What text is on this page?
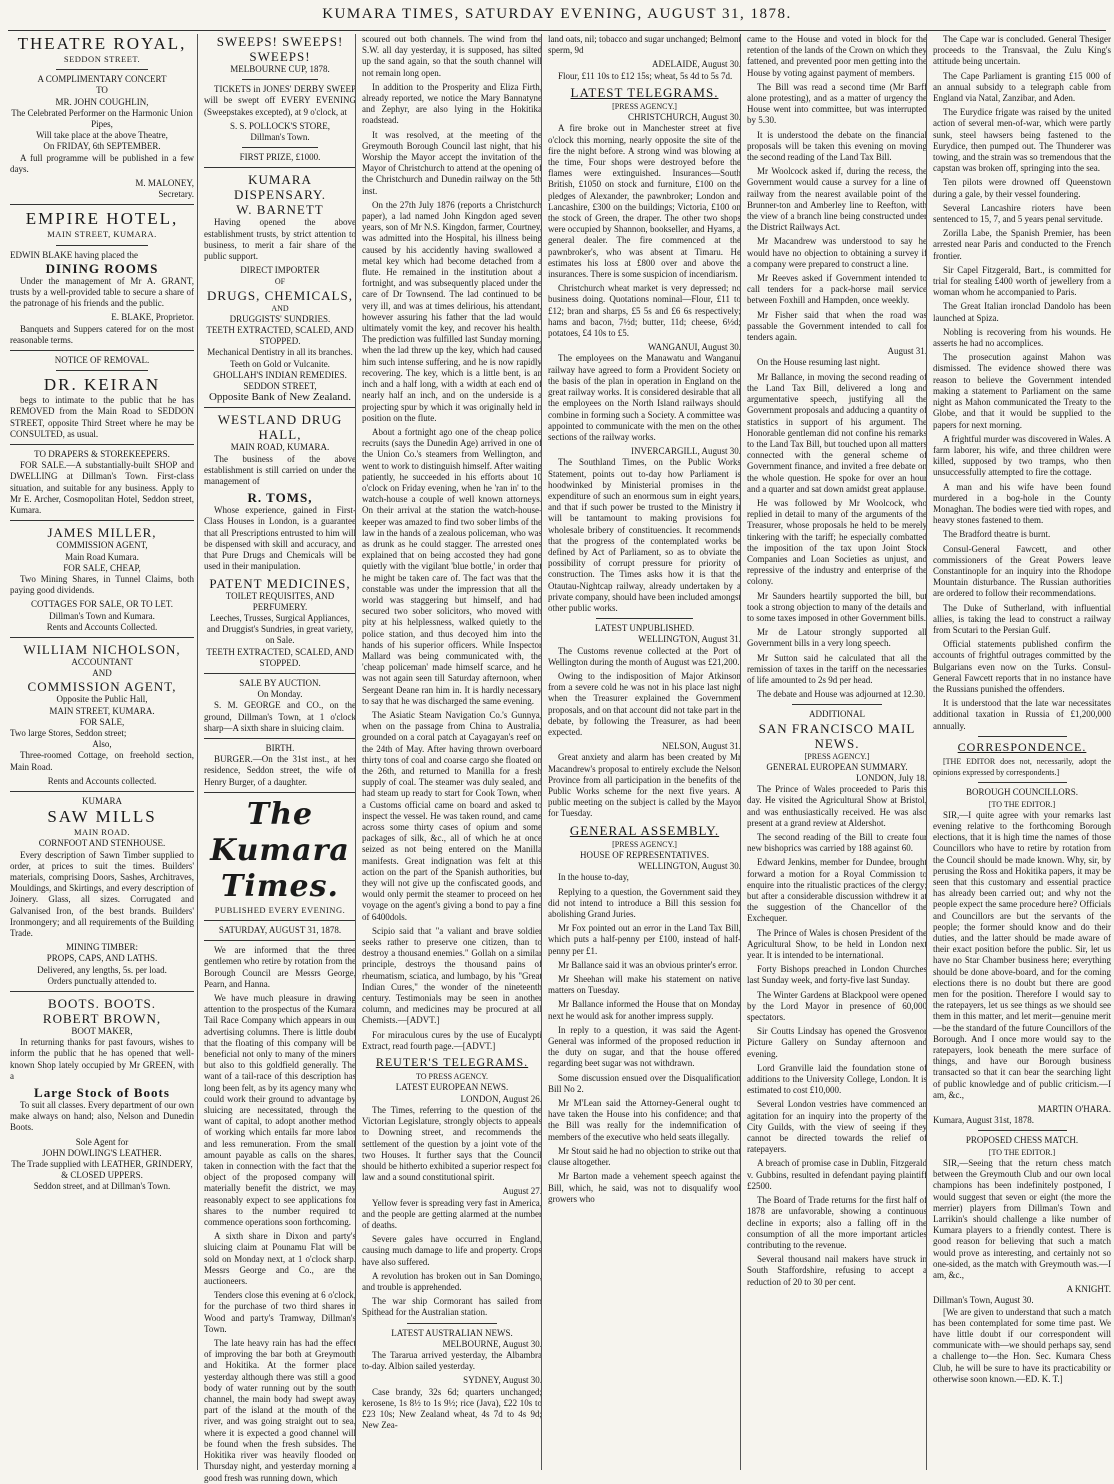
KUMARA TIMES, SATURDAY EVENING, AUGUST 31, 1878.
THEATRE ROYAL,
SEDDON STREET.
A COMPLIMENTARY CONCERT
TO
MR. JOHN COUGHLIN,
The Celebrated Performer on the Harmonic Union Pipes,
Will take place at the above Theatre,
On FRIDAY, 6th SEPTEMBER.

A full programme will be published in a few days.

M. MALONEY,
Secretary.
EMPIRE HOTEL,
MAIN STREET, KUMARA.
EDWIN BLAKE having placed the
DINING ROOMS

Under the management of Mr A. GRANT, trusts by a well-provided table to secure a share of the patronage of his friends and the public.

E. BLAKE, Proprietor.

Banquets and Suppers catered for on the most reasonable terms.

NOTICE OF REMOVAL.
DR. KEIRAN

begs to intimate to the public that he has REMOVED from the Main Road to SEDDON STREET, opposite Third Street where he may be CONSULTED, as usual.

TO DRAPERS & STOREKEEPERS.

FOR SALE.—A substantially-built SHOP and DWELLING at Dillman's Town. First-class situation, and suitable for any business. Apply to Mr E. Archer, Cosmopolitan Hotel, Seddon street, Kumara.

JAMES MILLER,
COMMISSION AGENT,
Main Road Kumara.
FOR SALE, CHEAP,

Two Mining Shares, in Tunnel Claims, both paying good dividends.

COTTAGES FOR SALE, OR TO LET.
Dillman's Town and Kumara.
Rents and Accounts Collected.
WILLIAM NICHOLSON,
ACCOUNTANT
AND
COMMISSION AGENT,
Opposite the Public Hall,
MAIN STREET, KUMARA.
FOR SALE,
Two large Stores, Seddon street;
Also,

Three-roomed Cottage, on freehold section, Main Road.

Rents and Accounts collected.
KUMARA
SAW MILLS
MAIN ROAD.
CORNFOOT AND STENHOUSE.

Every description of Sawn Timber supplied to order, at prices to suit the times. Builders' materials, comprising Doors, Sashes, Architraves, Mouldings, and Skirtings, and every description of Joinery. Glass, all sizes. Corrugated and Galvanised Iron, of the best brands. Builders' Ironmongery; and all requirements of the Building Trade.

MINING TIMBER:
PROPS, CAPS, AND LATHS.
Delivered, any lengths, 5s. per load.
Orders punctually attended to.
BOOTS. BOOTS.
ROBERT BROWN,
BOOT MAKER,

In returning thanks for past favours, wishes to inform the public that he has opened that well-known Shop lately occupied by Mr GREEN, with a

Large Stock of Boots

To suit all classes. Every department of our own make always on hand; also, Nelson and Dunedin Boots.

Sole Agent for
JOHN DOWLING'S LEATHER.
The Trade supplied with LEATHER, GRINDERY, & CLOSED UPPERS.
Seddon street, and at Dillman's Town.
SWEEPS! SWEEPS! SWEEPS!
MELBOURNE CUP, 1878.

TICKETS in JONES' DERBY SWEEP will be swept off EVERY EVENING (Sweepstakes excepted), at 9 o'clock, at

S. S. POLLOCK'S STORE,
Dillman's Town.
FIRST PRIZE, £1000.
KUMARA DISPENSARY.
W. BARNETT

Having opened the above establishment trusts, by strict attention to business, to merit a fair share of the public support.

DIRECT IMPORTER
OF
DRUGS, CHEMICALS,
AND
DRUGGISTS' SUNDRIES.
TEETH EXTRACTED, SCALED, AND STOPPED.
Mechanical Dentistry in all its branches. Teeth on Gold or Vulcanite.
GHOLLAH'S INDIAN REMEDIES.
SEDDON STREET,
Opposite Bank of New Zealand.
WESTLAND DRUG HALL,
MAIN ROAD, KUMARA.

The business of the above establishment is still carried on under the management of

R. TOMS,

Whose experience, gained in First-Class Houses in London, is a guarantee that all Prescriptions entrusted to him will be dispensed with skill and accuracy, and that Pure Drugs and Chemicals will be used in their manipulation.

PATENT MEDICINES,
TOILET REQUISITES, AND PERFUMERY.
Leeches, Trusses, Surgical Appliances, and Druggist's Sundries, in great variety, on Sale.
TEETH EXTRACTED, SCALED, AND STOPPED.
SALE BY AUCTION.
On Monday.

S. M. GEORGE and CO., on the ground, Dillman's Town, at 1 o'clock sharp—A sixth share in sluicing claim.

BIRTH.

BURGER.—On the 31st inst., at her residence, Seddon street, the wife of Henry Burger, of a daughter.

The Kumara Times.
PUBLISHED EVERY EVENING.
SATURDAY, AUGUST 31, 1878.

We are informed that the three gentlemen who retire by rotation from the Borough Council are Messrs George, Pearn, and Hanna.

We have much pleasure in drawing attention to the prospectus of the Kumara Tail Race Company which appears in our advertising columns. There is little doubt that the floating of this company will be beneficial not only to many of the miners but also to this goldfield generally. The want of a tail-race of this description has long been felt, as by its agency many who could work their ground to advantage by sluicing are necessitated, through the want of capital, to adopt another method of working which entails far more labor and less remuneration. From the small amount payable as calls on the shares, taken in connection with the fact that the object of the proposed company will materially benefit the district, we may reasonably expect to see applications for shares to the number required to commence operations soon forthcoming.

A sixth share in Dixon and party's sluicing claim at Pounamu Flat will be sold on Monday next, at 1 o'clock sharp. Messrs George and Co., are the auctioneers.

Tenders close this evening at 6 o'clock, for the purchase of two third shares in Wood and party's Tramway, Dillman's Town.

The late heavy rain has had the effect of improving the bar both at Greymouth and Hokitika. At the former place yesterday although there was still a good body of water running out by the south channel, the main body had swept away part of the island at the mouth of the river, and was going straight out to sea, where it is expected a good channel will be found when the fresh subsides. The Hokitika river was heavily flooded on Thursday night, and yesterday morning a good fresh was running down, which

scoured out both channels. The wind from the S.W. all day yesterday, it is supposed, has silted up the sand again, so that the south channel will not remain long open.

In addition to the Prosperity and Eliza Firth, already reported, we notice the Mary Bannatyne and Zephyr, are also lying in the Hokitika roadstead.

It was resolved, at the meeting of the Greymouth Borough Council last night, that his Worship the Mayor accept the invitation of the Mayor of Christchurch to attend at the opening of the Christchurch and Dunedin railway on the 5th inst.

On the 27th July 1876 (reports a Christchurch paper), a lad named John Kingdon aged seven years, son of Mr N.S. Kingdon, farmer, Courtney, was admitted into the Hospital, his illness being caused by his accidently having swallowed a metal key which had become detached from a flute. He remained in the institution about a fortnight, and was subsequently placed under the care of Dr Townsend. The lad continued to be very ill, and was at times delirious, his attendant, however assuring his father that the lad would ultimately vomit the key, and recover his health. The prediction was fulfilled last Sunday morning, when the lad threw up the key, which had caused him such intense suffering, and he is now rapidly recovering. The key, which is a little bent, is an inch and a half long, with a width at each end of nearly half an inch, and on the underside is a projecting spur by which it was originally held in position on the flute.

About a fortnight ago one of the cheap police recruits (says the Dunedin Age) arrived in one of the Union Co.'s steamers from Wellington, and went to work to distinguish himself. After waiting patiently, he succeeded in his efforts about 10 o'clock on Friday evening, when he 'ran in' to the watch-house a couple of well known attorneys. On their arrival at the station the watch-house-keeper was amazed to find two sober limbs of the law in the hands of a zealous policeman, who was as drunk as he could stagger. The arrested ones explained that on being accosted they had gone quietly with the vigilant 'blue bottle,' in order that he might be taken care of. The fact was that the constable was under the impression that all the world was staggering but himself, and had secured two sober solicitors, who moved with pity at his helplessness, walked quietly to the police station, and thus decoyed him into the hands of his superior officers. While Inspector Mallard was being communicated with, the 'cheap policeman' made himself scarce, and he was not again seen till Saturday afternoon, when Sergeant Deane ran him in. It is hardly necessary to say that he was discharged the same evening.

The Asiatic Steam Navigation Co.'s Gunnya, when on the passage from China to Australia, grounded on a coral patch at Cayagayan's reef on the 24th of May. After having thrown overboard thirty tons of coal and coarse cargo she floated on the 26th, and returned to Manilla for a fresh supply of coal. The steamer was duly sealed, and had steam up ready to start for Cook Town, when a Customs official came on board and asked to inspect the vessel. He was taken round, and came across some thirty cases of opium and some packages of silk, &c., all of which he at once seized as not being entered on the Manilla manifests. Great indignation was felt at this action on the part of the Spanish authorities, but they will not give up the confiscated goods, and would only permit the steamer to proceed on her voyage on the agent's giving a bond to pay a fine of 6400dols.

Scipio said that "a valiant and brave soldier seeks rather to preserve one citizen, than to destroy a thousand enemies." Gollah on a similar principle, destroys the thousand pains of rheumatism, sciatica, and lumbago, by his "Great Indian Cures," the wonder of the nineteenth century. Testimonials may be seen in another column, and medicines may be procured at all Chemists.—[ADVT.]

For miraculous cures by the use of Eucalypti Extract, read fourth page.—[ADVT.]

REUTER'S TELEGRAMS.
TO PRESS AGENCY.
LATEST EUROPEAN NEWS.
LONDON, August 26.

The Times, referring to the question of the Victorian Legislature, strongly objects to appeals to Downing street, and recommends the settlement of the question by a joint vote of the two Houses. It further says that the Council should be hitherto exhibited a superior respect for law and a sound constitutional spirit.

August 27.

Yellow fever is spreading very fast in America, and the people are getting alarmed at the number of deaths.

Severe gales have occurred in England, causing much damage to life and property. Crops have also suffered.

A revolution has broken out in San Domingo, and trouble is apprehended.

The war ship Cormorant has sailed from Spithead for the Australian station.

LATEST AUSTRALIAN NEWS.
MELBOURNE, August 30.

The Tararua arrived yesterday, the Albambra to-day. Albion sailed yesterday.

SYDNEY, August 30.

Case brandy, 32s 6d; quarters unchanged; kerosene, 1s 8½ to 1s 9½; rice (Java), £22 10s to £23 10s; New Zealand wheat, 4s 7d to 4s 9d; New Zea-

land oats, nil; tobacco and sugar unchanged; Belmont sperm, 9d

ADELAIDE, August 30.

Flour, £11 10s to £12 15s; wheat, 5s 4d to 5s 7d.

LATEST TELEGRAMS.
[PRESS AGENCY.]
CHRISTCHURCH, August 30.

A fire broke out in Manchester street at five o'clock this morning, nearly opposite the site of the fire the night before. A strong wind was blowing at the time, Four shops were destroyed before the flames were extinguished. Insurances—South British, £1050 on stock and furniture, £100 on the pledges of Alexander, the pawnbroker; London and Lancashire, £300 on the buildings; Victoria, £100 on the stock of Green, the draper. The other two shops were occupied by Shannon, bookseller, and Hyams, a general dealer. The fire commenced at the pawnbroker's, who was absent at Timaru. He estimates his loss at £800 over and above the insurances. There is some suspicion of incendiarism.

Christchurch wheat market is very depressed; no business doing. Quotations nominal—Flour, £11 to £12; bran and sharps, £5 5s and £6 6s respectively; hams and bacon, 7½d; butter, 11d; cheese, 6½d; potatoes, £4 10s to £5.

WANGANUI, August 30.

The employees on the Manawatu and Wanganui railway have agreed to form a Provident Society on the basis of the plan in operation in England on the great railway works. It is considered desirable that all the employees on the North Island railways should combine in forming such a Society. A committee was appointed to communicate with the men on the other sections of the railway works.

INVERCARGILL, August 30.

The Southland Times, on the Public Works Statement, points out to-day how Parliament is hoodwinked by Ministerial promises in the expenditure of such an enormous sum in eight years, and that if such power be trusted to the Ministry it will be tantamount to making provisions for wholesale bribery of constituencies. It recommends that the progress of the contemplated works be defined by Act of Parliament, so as to obviate the possibility of corrupt pressure for priority of construction. The Times asks how it is that the Otautau-Nightcap railway, already undertaken by a private company, should have been included amongst other public works.

LATEST UNPUBLISHED.
WELLINGTON, August 31.

The Customs revenue collected at the Port of Wellington during the month of August was £21,200.

Owing to the indisposition of Major Atkinson from a severe cold he was not in his place last night when the Treasurer explained the Government proposals, and on that account did not take part in the debate, by following the Treasurer, as had been expected.

NELSON, August 31.

Great anxiety and alarm has been created by Mr Macandrew's proposal to entirely exclude the Nelson Province from all participation in the benefits of the Public Works scheme for the next five years. A public meeting on the subject is called by the Mayor for Tuesday.

GENERAL ASSEMBLY.
[PRESS AGENCY.]
HOUSE OF REPRESENTATIVES.
WELLINGTON, August 30.

In the house to-day,

Replying to a question, the Government said they did not intend to introduce a Bill this session for abolishing Grand Juries.

Mr Fox pointed out an error in the Land Tax Bill, which puts a half-penny per £100, instead of half-penny per £1.

Mr Ballance said it was an obvious printer's error.

Mr Sheehan will make his statement on native matters on Tuesday.

Mr Ballance informed the House that on Monday next he would ask for another impress supply.

In reply to a question, it was said the Agent-General was informed of the proposed reduction in the duty on sugar, and that the house offered regarding beet sugar was not withdrawn.

Some discussion ensued over the Disqualification Bill No 2.

Mr M'Lean said the Attorney-General ought to have taken the House into his confidence; and that the Bill was really for the indemnification of members of the executive who held seats illegally.

Mr Stout said he had no objection to strike out that clause altogether.

Mr Barton made a vehement speech against the Bill, which, he said, was not to disqualify wool growers who

came to the House and voted in block for the retention of the lands of the Crown on which they fattened, and prevented poor men getting into the House by voting against payment of members.

The Bill was read a second time (Mr Barff alone protesting), and as a matter of urgency the House went into committee, but was interrupted by 5.30.

It is understood the debate on the financial proposals will be taken this evening on moving the second reading of the Land Tax Bill.

Mr Woolcock asked if, during the recess, the Government would cause a survey for a line of railway from the nearest available point of the Brunner-ton and Amberley line to Reefton, with the view of a branch line being constructed under the District Railways Act.

Mr Macandrew was understood to say he would have no objection to obtaining a survey if a company were prepared to construct a line.

Mr Reeves asked if Government intended to call tenders for a pack-horse mail service between Foxhill and Hampden, once weekly.

Mr Fisher said that when the road was passable the Government intended to call for tenders again.

August 31.

On the House resuming last night.

Mr Ballance, in moving the second reading of the Land Tax Bill, delivered a long and argumentative speech, justifying all the Government proposals and adducing a quantity of statistics in support of his argument. The Honorable gentleman did not confine his remarks to the Land Tax Bill, but touched upon all matters connected with the general scheme of Government finance, and invited a free debate on the whole question. He spoke for over an hour and a quarter and sat down amidst great applause.

He was followed by Mr Woolcock, who replied in detail to many of the arguments of the Treasurer, whose proposals he held to be merely tinkering with the tariff; he especially combatted the imposition of the tax upon Joint Stock Companies and Loan Societies as unjust, and repressive of the industry and enterprise of the colony.

Mr Saunders heartily supported the bill, but took a strong objection to many of the details and to some taxes imposed in other Government bills.

Mr de Latour strongly supported all Government bills in a very long speech.

Mr Sutton said he calculated that all the remission of taxes in the tariff on the necessaries of life amounted to 2s 9d per head.

The debate and House was adjourned at 12.30.

ADDITIONAL
SAN FRANCISCO MAIL
NEWS.
[PRESS AGENCY.]
GENERAL EUROPEAN SUMMARY.
LONDON, July 18.

The Prince of Wales proceeded to Paris this day. He visited the Agricultural Show at Bristol, and was enthusiastically received. He was also present at a grand review at Aldershot.

The second reading of the Bill to create four new bishoprics was carried by 188 against 60.

Edward Jenkins, member for Dundee, brought forward a motion for a Royal Commission to enquire into the ritualistic practices of the clergy; but after a considerable discussion withdrew it at the suggestion of the Chancellor of the Exchequer.

The Prince of Wales is chosen President of the Agricultural Show, to be held in London next year. It is intended to be international.

Forty Bishops preached in London Churches last Sunday week, and forty-five last Sunday.

The Winter Gardens at Blackpool were opened by the Lord Mayor in presence of 60,000 spectators.

Sir Coutts Lindsay has opened the Grosvenor Picture Gallery on Sunday afternoon and evening.

Lord Granville laid the foundation stone of additions to the University College, London. It is estimated to cost £10,000.

Several London vestries have commenced an agitation for an inquiry into the property of the City Guilds, with the view of seeing if they cannot be directed towards the relief of ratepayers.

A breach of promise case in Dublin, Fitzgerald v. Gubbins, resulted in defendant paying plaintiff £2500.

The Board of Trade returns for the first half of 1878 are unfavorable, showing a continuous decline in exports; also a falling off in the consumption of all the more important articles contributing to the revenue.

Several thousand nail makers have struck in South Staffordshire, refusing to accept a reduction of 20 to 30 per cent.

The Cape war is concluded. General Thesiger proceeds to the Transvaal, the Zulu King's attitude being uncertain.

The Cape Parliament is granting £15 000 of an annual subsidy to a telegraph cable from England via Natal, Zanzibar, and Aden.

The Eurydice frigate was raised by the united action of several men-of-war, which were partly sunk, steel hawsers being fastened to the Eurydice, then pumped out. The Thunderer was towing, and the strain was so tremendous that the capstan was broken off, springing into the sea.

Ten pilots were drowned off Queenstown during a gale, by their vessel foundering.

Several Lancashire rioters have been sentenced to 15, 7, and 5 years penal servitude.

Zorilla Labe, the Spanish Premier, has been arrested near Paris and conducted to the French frontier.

Sir Capel Fitzgerald, Bart., is committed for trial for stealing £400 worth of jewellery from a woman whom he accompanied to Paris.

The Great Italian ironclad Dandolo has been launched at Spiza.

Nobling is recovering from his wounds. He asserts he had no accomplices.

The prosecution against Mahon was dismissed. The evidence showed there was reason to believe the Government intended making a statement to Parliament on the same night as Mahon communicated the Treaty to the Globe, and that it would be supplied to the papers for next morning.

A frightful murder was discovered in Wales. A farm laborer, his wife, and three children were killed, supposed by two tramps, who then unsuccessfully attempted to fire the cottage.

A man and his wife have been found murdered in a bog-hole in the County Monaghan. The bodies were tied with ropes, and heavy stones fastened to them.

The Bradford theatre is burnt.

Consul-General Fawcett, and other commissioners of the Great Powers leave Constantinople for an inquiry into the Rhodope Mountain disturbance. The Russian authorities are ordered to follow their recommendations.

The Duke of Sutherland, with influential allies, is taking the lead to construct a railway from Scutari to the Persian Gulf.

Official statements published confirm the accounts of frightful outrages committed by the Bulgarians even now on the Turks. Consul-General Fawcett reports that in no instance have the Russians punished the offenders.

It is understood that the late war necessitates additional taxation in Russia of £1,200,000 annually.

CORRESPONDENCE.

[THE EDITOR does not, necessarily, adopt the opinions expressed by correspondents.]

BOROUGH COUNCILLORS.
[TO THE EDITOR.]

SIR,—I quite agree with your remarks last evening relative to the forthcoming Borough elections, that it is high time the names of those Councillors who have to retire by rotation from the Council should be made known. Why, sir, by perusing the Ross and Hokitika papers, it may be seen that this customary and essential practice has already been carried out; and why not the people expect the same procedure here? Officials and Councillors are but the servants of the people; the former should know and do their duties, and the latter should be made aware of their exact position before the public. Sir, let us have no Star Chamber business here; everything should be done above-board, and for the coming elections there is no doubt but there are good men for the position. Therefore I would say to the ratepayers, let us see things as we should see them in this matter, and let merit—genuine merit—be the standard of the future Councillors of the Borough. And I once more would say to the ratepayers, look beneath the mere surface of things, and have our Borough business transacted so that it can bear the searching light of public knowledge and of public criticism.—I am, &c.,

MARTIN O'HARA.
Kumara, August 31st, 1878.
PROPOSED CHESS MATCH.
[TO THE EDITOR.]

SIR,—Seeing that the return chess match between the Greymouth Club and our own local champions has been indefinitely postponed, I would suggest that seven or eight (the more the merrier) players from Dillman's Town and Larrikin's should challenge a like number of Kumara players to a friendly contest. There is good reason for believing that such a match would prove as interesting, and certainly not so one-sided, as the match with Greymouth was.—I am, &c.,

A KNIGHT.
Dillman's Town, August 30.

[We are given to understand that such a match has been contemplated for some time past. We have little doubt if our correspondent will communicate with—we should perhaps say, send a challenge to—the Hon. Sec. Kumara Chess Club, he will be sure to have its practicability or otherwise soon known.—ED. K. T.]
